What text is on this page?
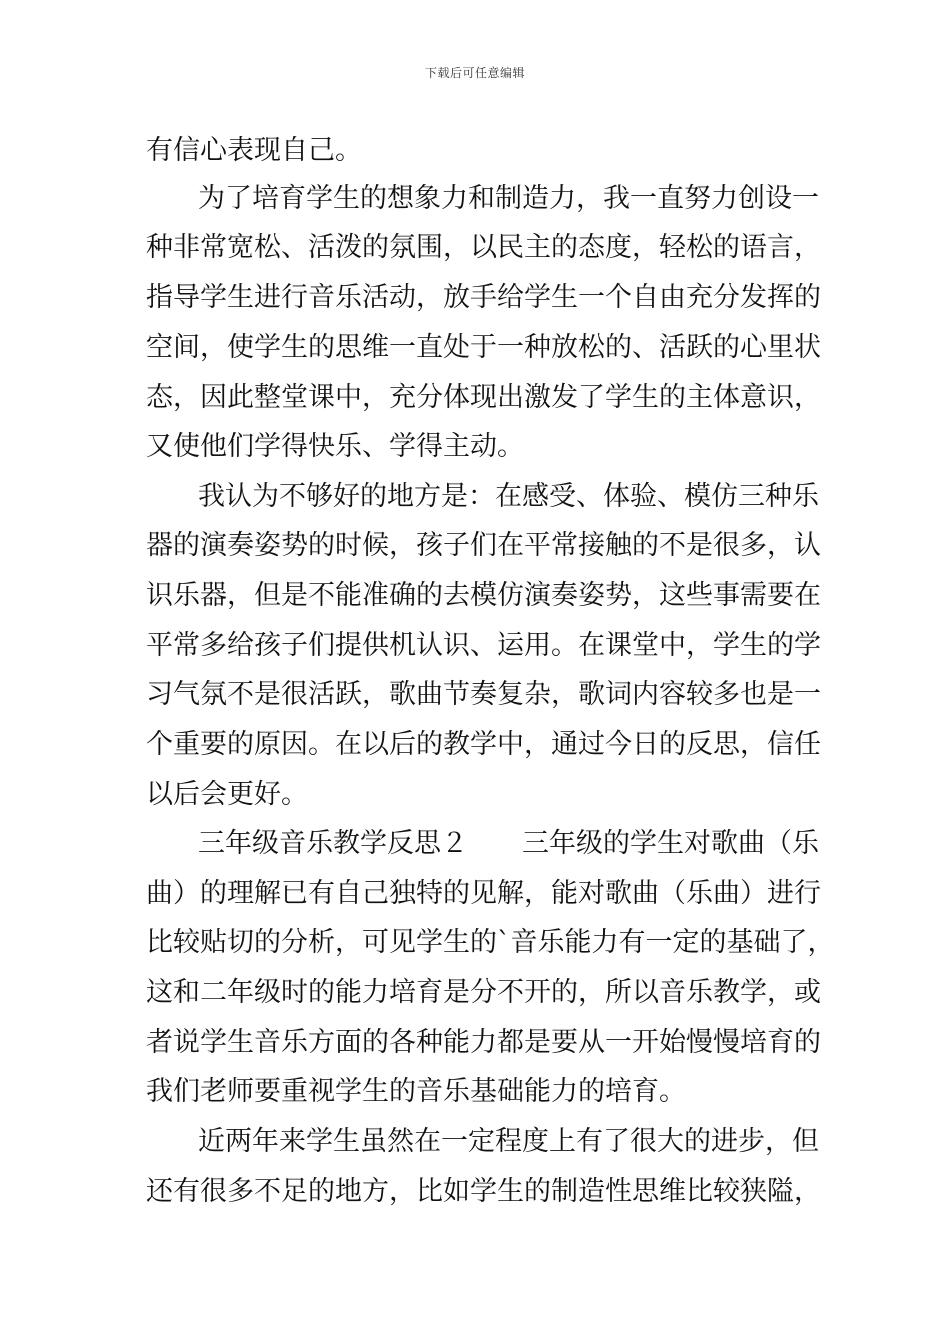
下载后可任意编辑
有信心表现自己。
为了培育学生的想象力和制造力，我一直努力创设一
种非常宽松、活泼的氛围，以民主的态度，轻松的语言，
指导学生进行音乐活动，放手给学生一个自由充分发挥的
空间，使学生的思维一直处于一种放松的、活跃的心里状
态，因此整堂课中，充分体现出激发了学生的主体意识，
又使他们学得快乐、学得主动。
我认为不够好的地方是：在感受、体验、模仿三种乐
器的演奏姿势的时候，孩子们在平常接触的不是很多，认
识乐器，但是不能准确的去模仿演奏姿势，这些事需要在
平常多给孩子们提供机认识、运用。在课堂中，学生的学
习气氛不是很活跃，歌曲节奏复杂，歌词内容较多也是一
个重要的原因。在以后的教学中，通过今日的反思，信任
以后会更好。
三年级音乐教学反思２　　三年级的学生对歌曲（乐
曲）的理解已有自己独特的见解，能对歌曲（乐曲）进行
比较贴切的分析，可见学生的`音乐能力有一定的基础了，
这和二年级时的能力培育是分不开的，所以音乐教学，或
者说学生音乐方面的各种能力都是要从一开始慢慢培育的
我们老师要重视学生的音乐基础能力的培育。
近两年来学生虽然在一定程度上有了很大的进步，但
还有很多不足的地方，比如学生的制造性思维比较狭隘，
